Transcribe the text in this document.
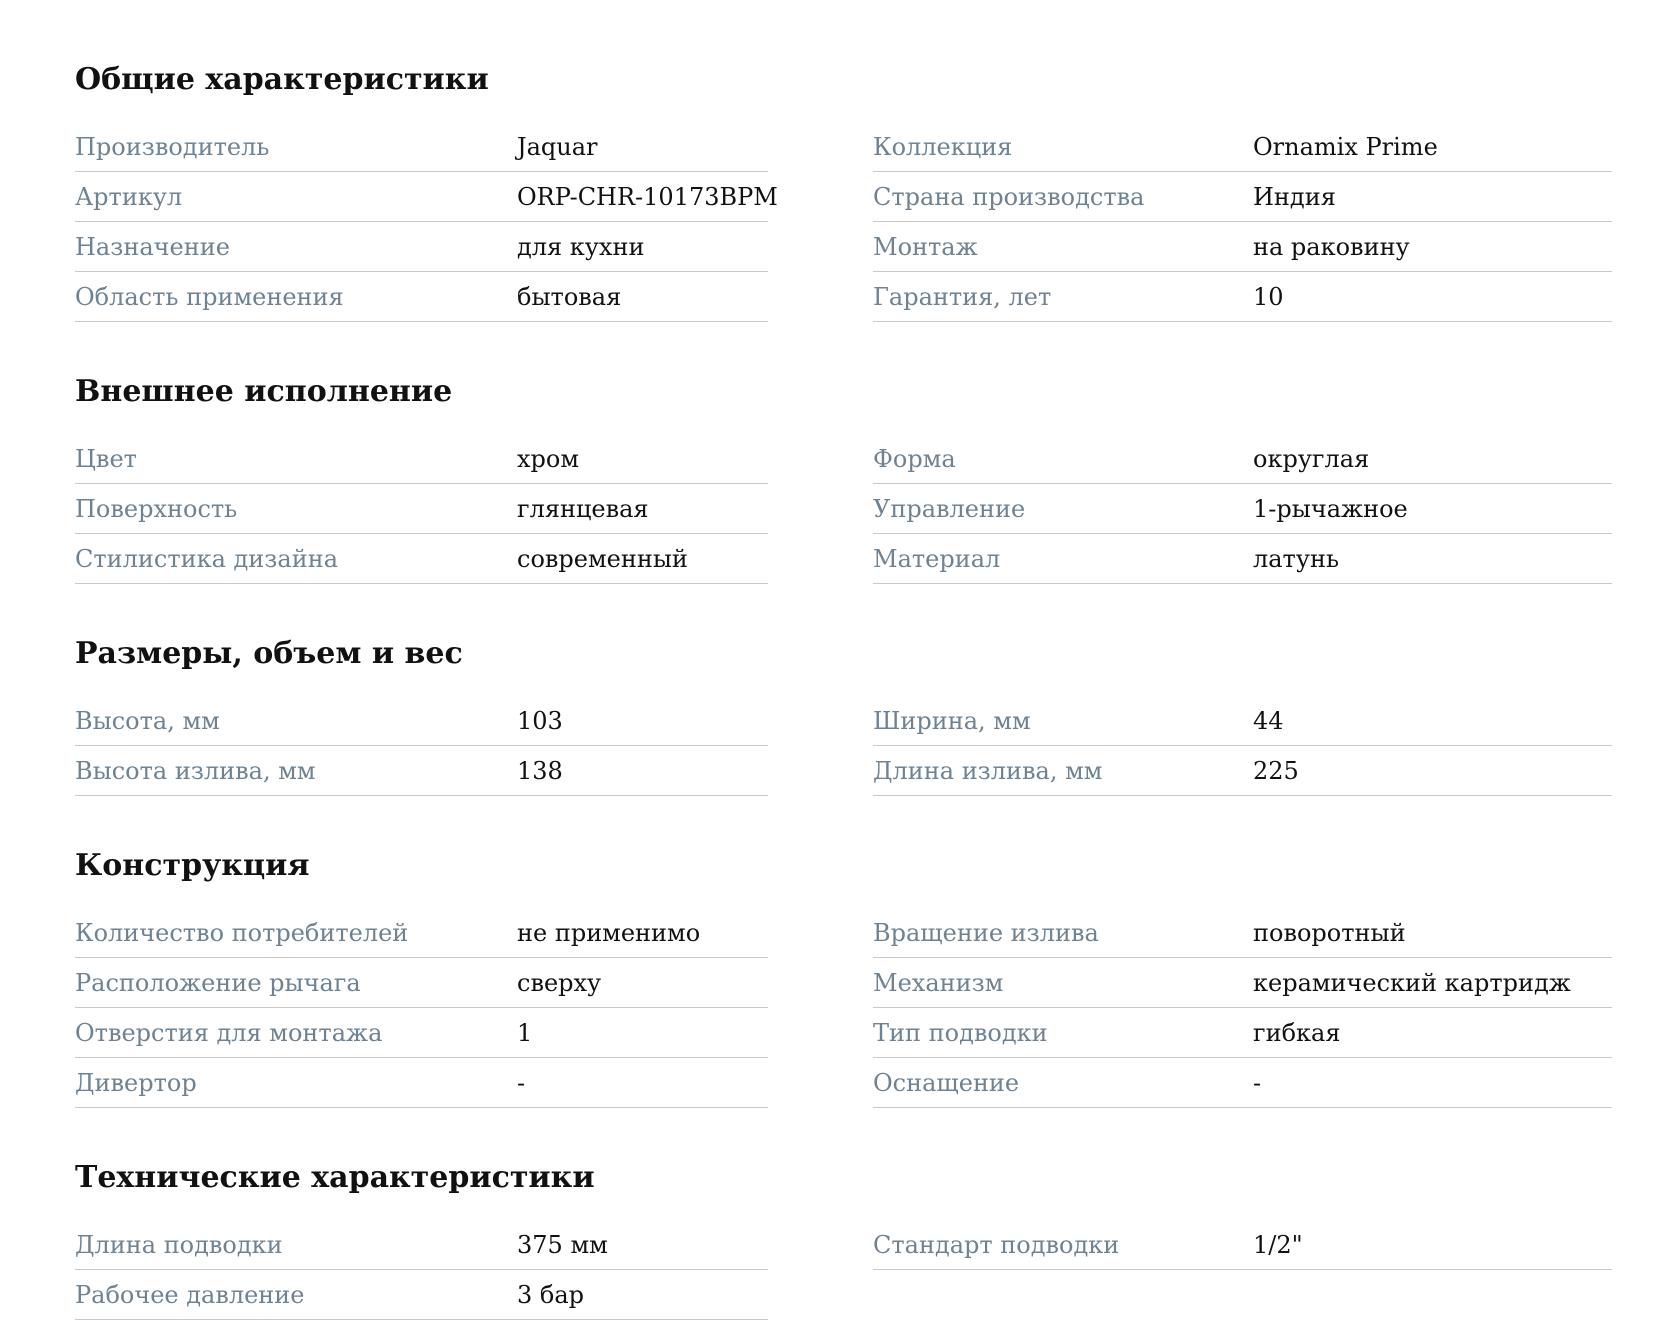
Общие характеристики
Производитель	Jaquar
Артикул	ORP-CHR-10173BPM
Назначение	для кухни
Область применения	бытовая
Коллекция	Ornamix Prime
Страна производства	Индия
Монтаж	на раковину
Гарантия, лет	10
Внешнее исполнение
Цвет	хром
Поверхность	глянцевая
Стилистика дизайна	современный
Форма	округлая
Управление	1-рычажное
Материал	латунь
Размеры, объем и вес
Высота, мм	103
Высота излива, мм	138
Ширина, мм	44
Длина излива, мм	225
Конструкция
Количество потребителей	не применимо
Расположение рычага	сверху
Отверстия для монтажа	1
Дивертор	-
Вращение излива	поворотный
Механизм	керамический картридж
Тип подводки	гибкая
Оснащение	-
Технические характеристики
Длина подводки	375 мм
Рабочее давление	3 бар
Стандарт подводки	1/2"
